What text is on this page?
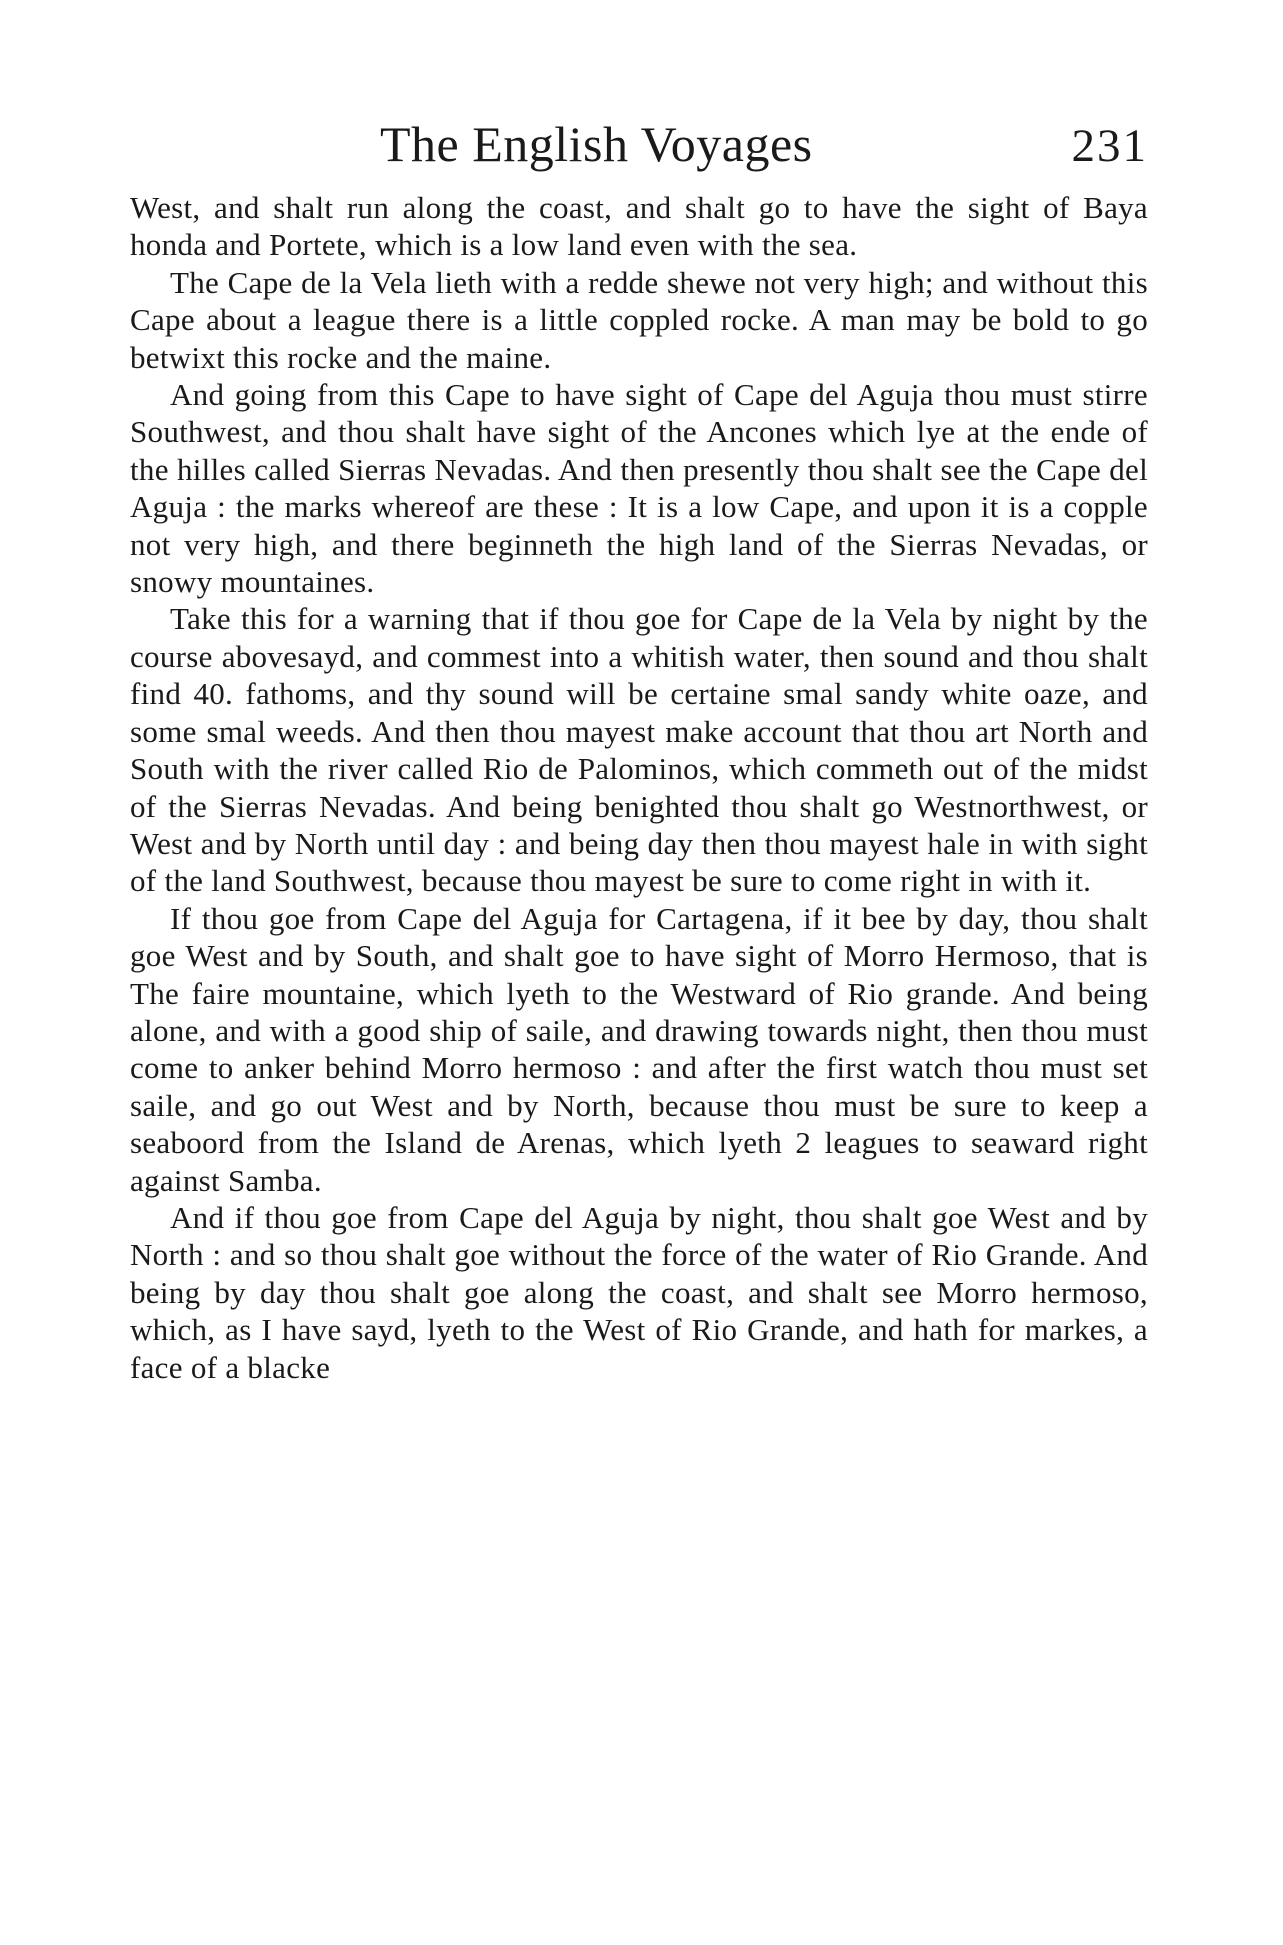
The English Voyages	231

West, and shalt run along the coast, and shalt go to have the sight of Baya honda and Portete, which is a low land even with the sea.

The Cape de la Vela lieth with a redde shewe not very high; and without this Cape about a league there is a little coppled rocke. A man may be bold to go betwixt this rocke and the maine.

And going from this Cape to have sight of Cape del Aguja thou must stirre Southwest, and thou shalt have sight of the Ancones which lye at the ende of the hilles called Sierras Nevadas. And then presently thou shalt see the Cape del Aguja : the marks whereof are these : It is a low Cape, and upon it is a copple not very high, and there beginneth the high land of the Sierras Nevadas, or snowy mountaines.

Take this for a warning that if thou goe for Cape de la Vela by night by the course abovesayd, and commest into a whitish water, then sound and thou shalt find 40. fathoms, and thy sound will be certaine smal sandy white oaze, and some smal weeds. And then thou mayest make account that thou art North and South with the river called Rio de Palominos, which commeth out of the midst of the Sierras Nevadas. And being benighted thou shalt go Westnorthwest, or West and by North until day : and being day then thou mayest hale in with sight of the land Southwest, because thou mayest be sure to come right in with it.

If thou goe from Cape del Aguja for Cartagena, if it bee by day, thou shalt goe West and by South, and shalt goe to have sight of Morro Hermoso, that is The faire mountaine, which lyeth to the Westward of Rio grande. And being alone, and with a good ship of saile, and drawing towards night, then thou must come to anker behind Morro hermoso : and after the first watch thou must set saile, and go out West and by North, because thou must be sure to keep a seaboord from the Island de Arenas, which lyeth 2 leagues to seaward right against Samba.

And if thou goe from Cape del Aguja by night, thou shalt goe West and by North : and so thou shalt goe without the force of the water of Rio Grande. And being by day thou shalt goe along the coast, and shalt see Morro hermoso, which, as I have sayd, lyeth to the West of Rio Grande, and hath for markes, a face of a blacke
